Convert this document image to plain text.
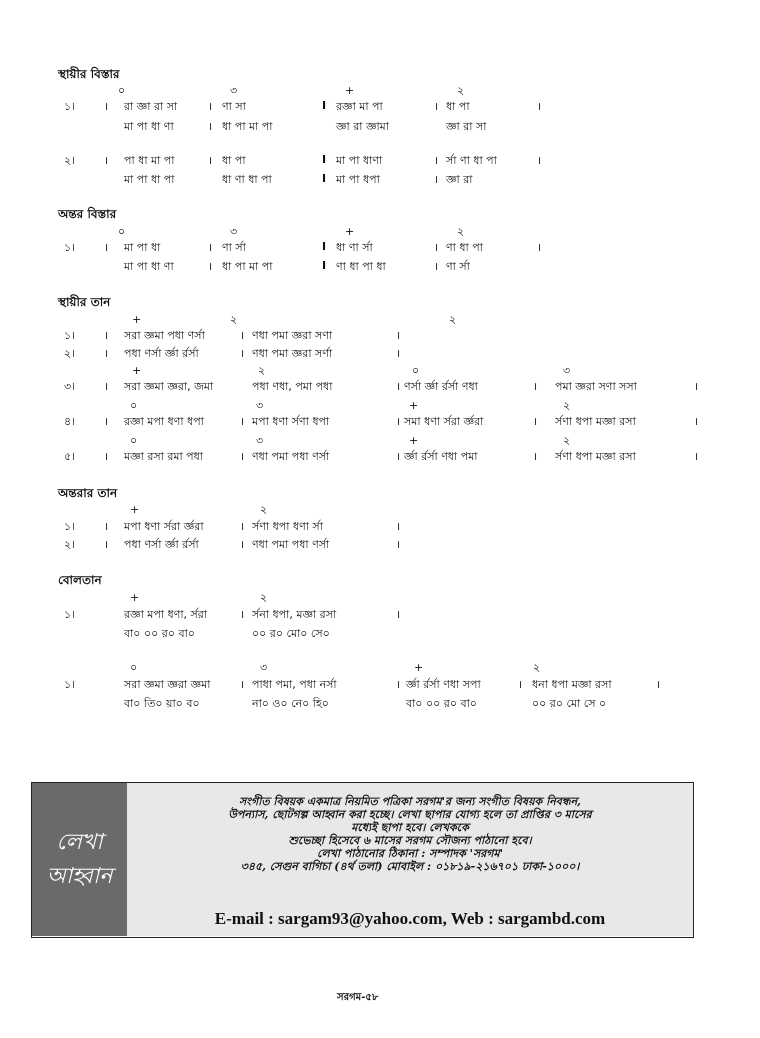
স্থায়ীর বিস্তার
০	৩	+	২
১।	। রা জ্ঞা রা সা	। ণা সা	I রজ্ঞা মা পা	। ধা পা	।
মা পা ধা ণা	। ধা পা মা পা	জ্ঞা রা জ্ঞামা	জ্ঞা রা সা
২।	। পা ধা মা পা	। ধা পা	I মা পা ধাণা	। র্সা ণা ধা পা	।
মা পা ধা পা	ধা ণা ধা পা	I মা পা ধপা	। জ্ঞা রা
অন্তর বিস্তার
০	৩	+	২
১।	। মা পা ধা	। ণা র্সা	I ধা ণা র্সা	। ণা ধা পা	।
মা পা ধা ণা	। ধা পা মা পা	I ণা ধা পা ধা	। ণা র্সা
স্থায়ীর তান
+	২	২
১।	। সরা জ্ঞমা পধা ণর্সা	। ণধা পমা জ্ঞরা সণা	।
২।	। পধা ণর্সা র্জ্ঞা র্রর্সা	। ণধা পমা জ্ঞরা সর্ণা	।
+	২	০	৩
৩।	। সরা জ্ঞমা জ্ঞরা, জমা	পধা ণধা, পমা পধা	। ণর্সা র্জ্ঞা র্রর্সা ণধা	। পমা জ্ঞরা সণা সসা	।
০	৩	+	২
৪।	। রজ্ঞা মপা ধণা ধপা	। মপা ধণা র্সণা ধপা	। সমা ধণা র্সরা র্জ্ঞরা	। র্সণা ধপা মজ্ঞা রসা	।
০	৩	+	২
৫।	। মজ্ঞা রসা রমা পধা	। ণধা পমা পধা ণর্সা	। র্জ্ঞা র্রর্সা ণধা পমা	। র্সণা ধপা মজ্ঞা রসা	।
অন্তরার তান
+	২
১।	। মপা ধণা র্সরা র্জ্ঞরা	। র্সণা ধপা ধণা র্সা	।
২।	। পধা ণর্সা র্জ্ঞা র্রর্সা	। ণধা পমা পধা ণর্সা	।
বোলতান
+	২
১।	রজ্ঞা মপা ধণা, র্সরা	। র্সনা ধপা, মজ্ঞা রসা	।
বা০ ০০ র০ বা০	০০ র০ মো০ সে০
০	৩	+	২
১।	সরা জ্ঞমা জ্ঞরা জ্ঞমা	। পাধা পমা, পধা নর্সা	। র্জ্ঞা র্রর্সা ণধা সপা	। ধনা ধপা মজ্ঞা রসা	।
বা০ তি০ য়া০ ব০	না০ ও০ নে০ হি০	বা০ ০০ র০ বা০	০০ র০ মো সে ০
লেখা
আহ্বান
সংগীত বিষয়ক একমাত্র নিয়মিত পত্রিকা সরগম'র জন্য সংগীত বিষয়ক নিবন্ধন,
উপন্যাস, ছোটগল্প আহ্বান করা হচ্ছে। লেখা ছাপার যোগ্য হলে তা প্রাপ্তির ৩ মাসের
মধ্যেই ছাপা হবে। লেখককে
শুভেচ্ছা হিসেবে ৬ মাসের সরগম সৌজন্য পাঠানো হবে।
লেখা পাঠানোর ঠিকানা : সম্পাদক 'সরগম'
৩৪৫, সেগুন বাগিচা (৪র্থ তলা) মোবাইল : ০১৮১৯-২১৬৭০১ ঢাকা-১০০০।
E-mail : sargam93@yahoo.com, Web : sargambd.com
সরগম-৫৮
